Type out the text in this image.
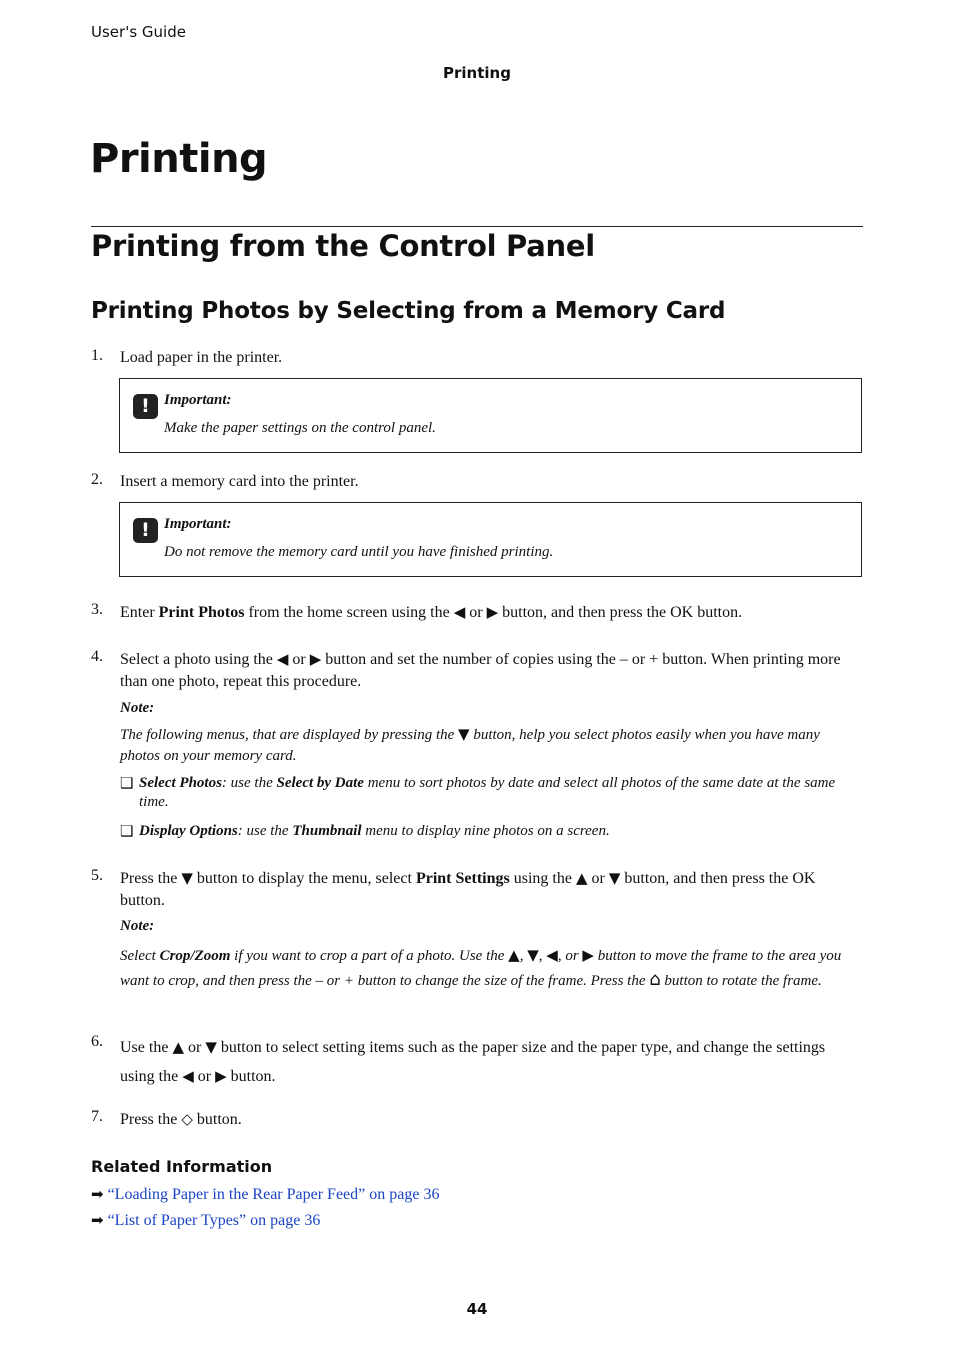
User's Guide
Printing
Printing
Printing from the Control Panel
Printing Photos by Selecting from a Memory Card
1. Load paper in the printer.
! Important:
Make the paper settings on the control panel.
2. Insert a memory card into the printer.
! Important:
Do not remove the memory card until you have finished printing.
3. Enter Print Photos from the home screen using the ◀ or ▶ button, and then press the OK button.
4. Select a photo using the ◀ or ▶ button and set the number of copies using the – or + button. When printing more than one photo, repeat this procedure.
Note:
The following menus, that are displayed by pressing the ▼ button, help you select photos easily when you have many photos on your memory card.
❑ Select Photos: use the Select by Date menu to sort photos by date and select all photos of the same date at the same time.
❑ Display Options: use the Thumbnail menu to display nine photos on a screen.
5. Press the ▼ button to display the menu, select Print Settings using the ▲ or ▼ button, and then press the OK button.
Note:
Select Crop/Zoom if you want to crop a part of a photo. Use the ▲, ▼, ◀, or ▶ button to move the frame to the area you want to crop, and then press the – or + button to change the size of the frame. Press the ⌂ button to rotate the frame.
6. Use the ▲ or ▼ button to select setting items such as the paper size and the paper type, and change the settings using the ◀ or ▶ button.
7. Press the ◇ button.
Related Information
➡ “Loading Paper in the Rear Paper Feed” on page 36
➡ “List of Paper Types” on page 36
44
